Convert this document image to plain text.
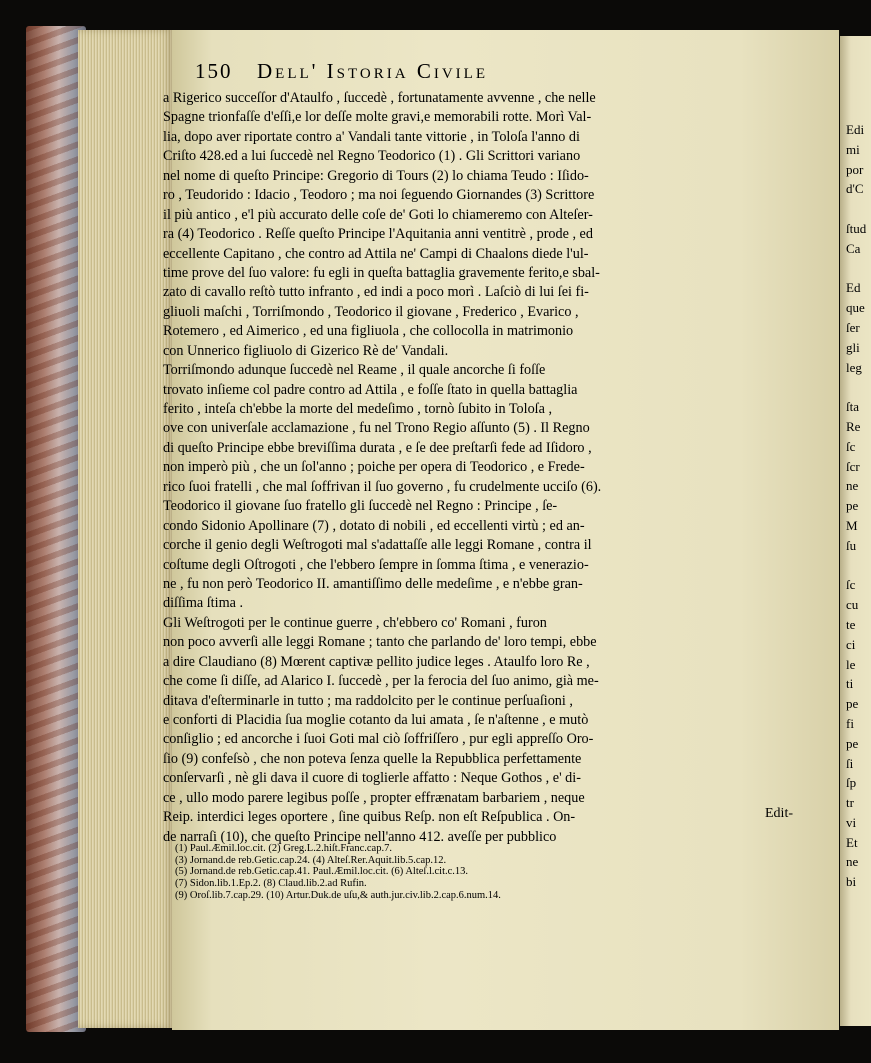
Edi
mi
por
d'C
ſtud
Ca
Ed
que
ſer
gli
leg
ſta
Re
ſc
ſcr
ne
pe
M
ſu
ſc
cu
te
ci
le
ti
pe
fi
pe
ſi
ſp
tr
vi
Et
ne
bi
150 Dell' Istoria Civile
a Rigerico succeſſor d'Ataulfo , ſuccedè , fortunatamente avvenne , che nelle
Spagne trionfaſſe d'eſſi,e lor deſſe molte gravi,e memorabili rotte. Morì Val-
lia, dopo aver riportate contro a' Vandali tante vittorie , in Toloſa l'anno di
Criſto 428.ed a lui ſuccedè nel Regno Teodorico (1) . Gli Scrittori variano
nel nome di queſto Principe: Gregorio di Tours (2) lo chiama Teudo : Iſido-
ro , Teudorido : Idacio , Teodoro ; ma noi ſeguendo Giornandes (3) Scrittore
il più antico , e'l più accurato delle coſe de' Goti lo chiameremo con Alteſer-
ra (4) Teodorico . Reſſe queſto Principe l'Aquitania anni ventitrè , prode , ed
eccellente Capitano , che contro ad Attila ne' Campi di Chaalons diede l'ul-
time prove del ſuo valore: fu egli in queſta battaglia gravemente ferito,e sbal-
zato di cavallo reſtò tutto infranto , ed indi a poco morì . Laſciò di lui ſei fi-
gliuoli maſchi , Torriſmondo , Teodorico il giovane , Frederico , Evarico ,
Rotemero , ed Aimerico , ed una figliuola , che collocolla in matrimonio
con Unnerico figliuolo di Gizerico Rè de' Vandali.
Torriſmondo adunque ſuccedè nel Reame , il quale ancorche ſi foſſe
trovato inſieme col padre contro ad Attila , e foſſe ſtato in quella battaglia
ferito , inteſa ch'ebbe la morte del medeſimo , tornò ſubito in Toloſa ,
ove con univerſale acclamazione , fu nel Trono Regio aſſunto (5) . Il Regno
di queſto Principe ebbe breviſſima durata , e ſe dee preſtarſi fede ad Iſidoro ,
non imperò più , che un ſol'anno ; poiche per opera di Teodorico , e Frede-
rico ſuoi fratelli , che mal ſoffrivan il ſuo governo , fu crudelmente ucciſo (6).
Teodorico il giovane ſuo fratello gli ſuccedè nel Regno : Principe , ſe-
condo Sidonio Apollinare (7) , dotato di nobili , ed eccellenti virtù ; ed an-
corche il genio degli Weſtrogoti mal s'adattaſſe alle leggi Romane , contra il
coſtume degli Oſtrogoti , che l'ebbero ſempre in ſomma ſtima , e venerazio-
ne , fu non però Teodorico II. amantiſſimo delle medeſime , e n'ebbe gran-
diſſima ſtima .
Gli Weſtrogoti per le continue guerre , ch'ebbero co' Romani , furon
non poco avverſi alle leggi Romane ; tanto che parlando de' loro tempi, ebbe
a dire Claudiano (8) Mœrent captivæ pellito judice leges . Ataulfo loro Re ,
che come ſi diſſe, ad Alarico I. ſuccedè , per la ferocia del ſuo animo, già me-
ditava d'eſterminarle in tutto ; ma raddolcito per le continue perſuaſioni ,
e conforti di Placidia ſua moglie cotanto da lui amata , ſe n'aſtenne , e mutò
conſiglio ; ed ancorche i ſuoi Goti mal ciò ſoffriſſero , pur egli appreſſo Oro-
ſio (9) confeſsò , che non poteva ſenza quelle la Repubblica perfettamente
conſervarſi , nè gli dava il cuore di toglierle affatto : Neque Gothos , e' di-
ce , ullo modo parere legibus poſſe , propter effrænatam barbariem , neque
Reip. interdici leges oportere , ſine quibus Reſp. non eſt Reſpublica . On-
de narraſi (10), che queſto Principe nell'anno 412. aveſſe per pubblico
Edit-
(1) Paul.Æmil.loc.cit. (2) Greg.L.2.hiſt.Franc.cap.7.
(3) Jornand.de reb.Getic.cap.24. (4) Alteſ.Rer.Aquit.lib.5.cap.12.
(5) Jornand.de reb.Getic.cap.41. Paul.Æmil.loc.cit. (6) Alteſ.l.cit.c.13.
(7) Sidon.lib.1.Ep.2. (8) Claud.lib.2.ad Rufin.
(9) Oroſ.lib.7.cap.29. (10) Artur.Duk.de uſu,& auth.jur.civ.lib.2.cap.6.num.14.
